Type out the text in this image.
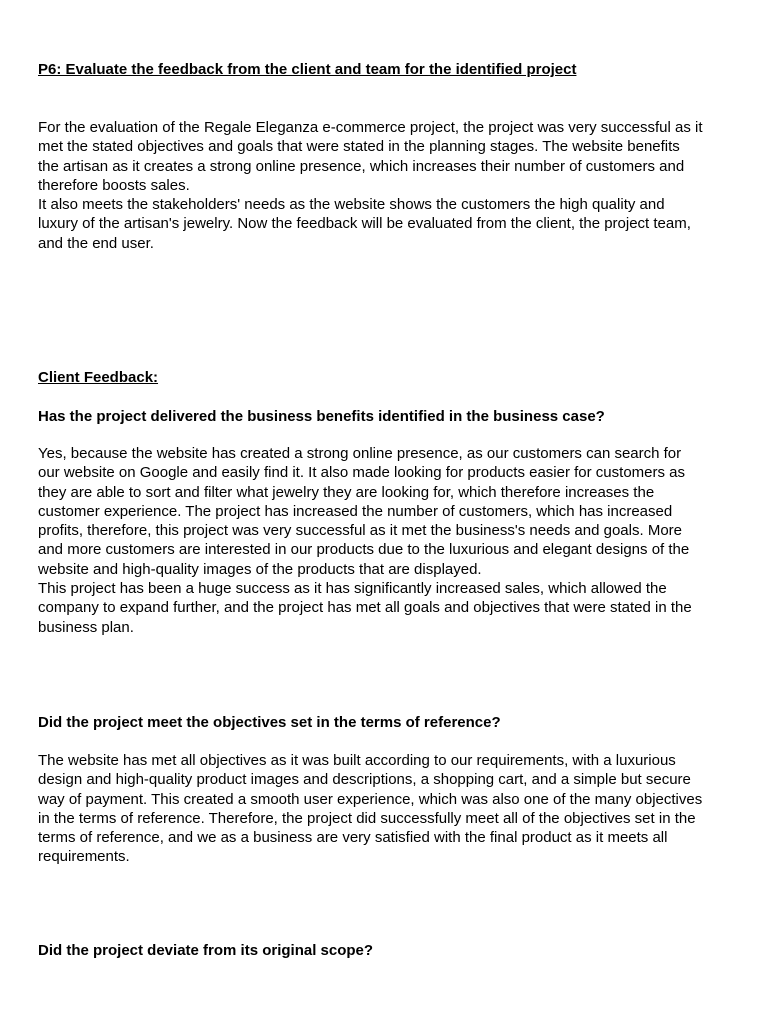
P6: Evaluate the feedback from the client and team for the identified project

For the evaluation of the Regale Eleganza e-commerce project, the project was very successful as it met the stated objectives and goals that were stated in the planning stages. The website benefits the artisan as it creates a strong online presence, which increases their number of customers and therefore boosts sales.
It also meets the stakeholders' needs as the website shows the customers the high quality and luxury of the artisan's jewelry. Now the feedback will be evaluated from the client, the project team, and the end user.

Client Feedback:

Has the project delivered the business benefits identified in the business case?

Yes, because the website has created a strong online presence, as our customers can search for our website on Google and easily find it. It also made looking for products easier for customers as they are able to sort and filter what jewelry they are looking for, which therefore increases the customer experience. The project has increased the number of customers, which has increased profits, therefore, this project was very successful as it met the business's needs and goals. More and more customers are interested in our products due to the luxurious and elegant designs of the website and high-quality images of the products that are displayed.
This project has been a huge success as it has significantly increased sales, which allowed the company to expand further, and the project has met all goals and objectives that were stated in the business plan.

Did the project meet the objectives set in the terms of reference?

The website has met all objectives as it was built according to our requirements, with a luxurious design and high-quality product images and descriptions, a shopping cart, and a simple but secure way of payment. This created a smooth user experience, which was also one of the many objectives in the terms of reference. Therefore, the project did successfully meet all of the objectives set in the terms of reference, and we as a business are very satisfied with the final product as it meets all requirements.

Did the project deviate from its original scope?
